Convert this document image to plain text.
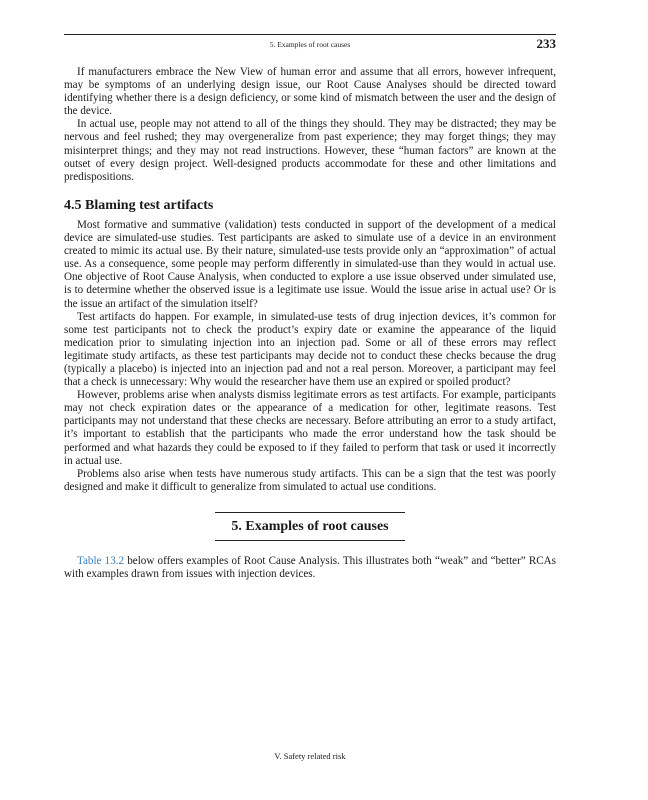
5. Examples of root causes	233

If manufacturers embrace the New View of human error and assume that all errors, however infrequent, may be symptoms of an underlying design issue, our Root Cause Analyses should be directed toward identifying whether there is a design deficiency, or some kind of mismatch between the user and the design of the device.

In actual use, people may not attend to all of the things they should. They may be distracted; they may be nervous and feel rushed; they may overgeneralize from past experience; they may forget things; they may misinterpret things; and they may not read instructions. However, these “human factors” are known at the outset of every design project. Well-designed products accommodate for these and other limitations and predispositions.

4.5 Blaming test artifacts

Most formative and summative (validation) tests conducted in support of the development of a medical device are simulated-use studies. Test participants are asked to simulate use of a device in an environment created to mimic its actual use. By their nature, simulated-use tests provide only an “approximation” of actual use. As a consequence, some people may perform differently in simulated-use than they would in actual use. One objective of Root Cause Analysis, when conducted to explore a use issue observed under simulated use, is to determine whether the observed issue is a legitimate use issue. Would the issue arise in actual use? Or is the issue an artifact of the simulation itself?

Test artifacts do happen. For example, in simulated-use tests of drug injection devices, it’s common for some test participants not to check the product’s expiry date or examine the appearance of the liquid medication prior to simulating injection into an injection pad. Some or all of these errors may reflect legitimate study artifacts, as these test participants may decide not to conduct these checks because the drug (typically a placebo) is injected into an injection pad and not a real person. Moreover, a participant may feel that a check is unnecessary: Why would the researcher have them use an expired or spoiled product?

However, problems arise when analysts dismiss legitimate errors as test artifacts. For example, participants may not check expiration dates or the appearance of a medication for other, legitimate reasons. Test participants may not understand that these checks are necessary. Before attributing an error to a study artifact, it’s important to establish that the participants who made the error understand how the task should be performed and what hazards they could be exposed to if they failed to perform that task or used it incorrectly in actual use.

Problems also arise when tests have numerous study artifacts. This can be a sign that the test was poorly designed and make it difficult to generalize from simulated to actual use conditions.

5. Examples of root causes

Table 13.2 below offers examples of Root Cause Analysis. This illustrates both “weak” and “better” RCAs with examples drawn from issues with injection devices.

V. Safety related risk
